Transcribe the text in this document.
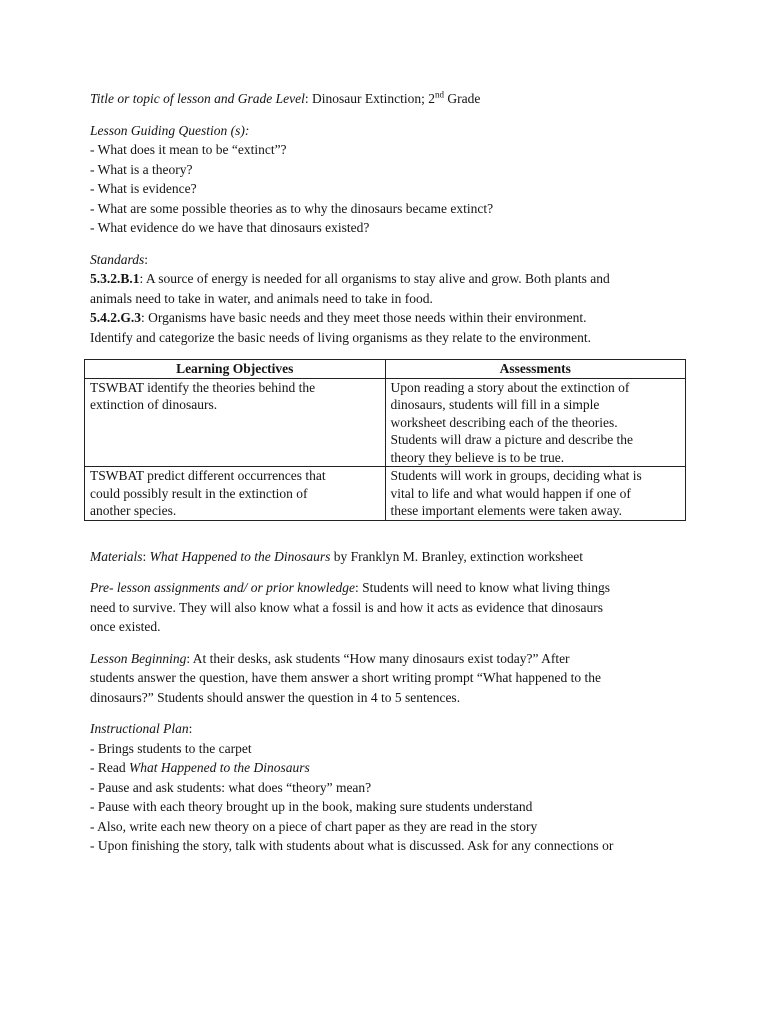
Title or topic of lesson and Grade Level: Dinosaur Extinction; 2nd Grade
Lesson Guiding Question (s):
- What does it mean to be “extinct”?
- What is a theory?
- What is evidence?
- What are some possible theories as to why the dinosaurs became extinct?
- What evidence do we have that dinosaurs existed?
Standards:
5.3.2.B.1: A source of energy is needed for all organisms to stay alive and grow. Both plants and
animals need to take in water, and animals need to take in food.
5.4.2.G.3: Organisms have basic needs and they meet those needs within their environment.
Identify and categorize the basic needs of living organisms as they relate to the environment.
Learning Objectives	Assessments

TSWBAT identify the theories behind the
extinction of dinosaurs.	Upon reading a story about the extinction of
dinosaurs, students will fill in a simple
worksheet describing each of the theories.
Students will draw a picture and describe the
theory they believe is to be true.

TSWBAT predict different occurrences that
could possibly result in the extinction of
another species.	Students will work in groups, deciding what is
vital to life and what would happen if one of
these important elements were taken away.
Materials: What Happened to the Dinosaurs by Franklyn M. Branley, extinction worksheet
Pre- lesson assignments and/ or prior knowledge: Students will need to know what living things
need to survive. They will also know what a fossil is and how it acts as evidence that dinosaurs
once existed.
Lesson Beginning: At their desks, ask students “How many dinosaurs exist today?” After
students answer the question, have them answer a short writing prompt “What happened to the
dinosaurs?” Students should answer the question in 4 to 5 sentences.
Instructional Plan:
- Brings students to the carpet
- Read What Happened to the Dinosaurs
- Pause and ask students: what does “theory” mean?
- Pause with each theory brought up in the book, making sure students understand
- Also, write each new theory on a piece of chart paper as they are read in the story
- Upon finishing the story, talk with students about what is discussed. Ask for any connections or
